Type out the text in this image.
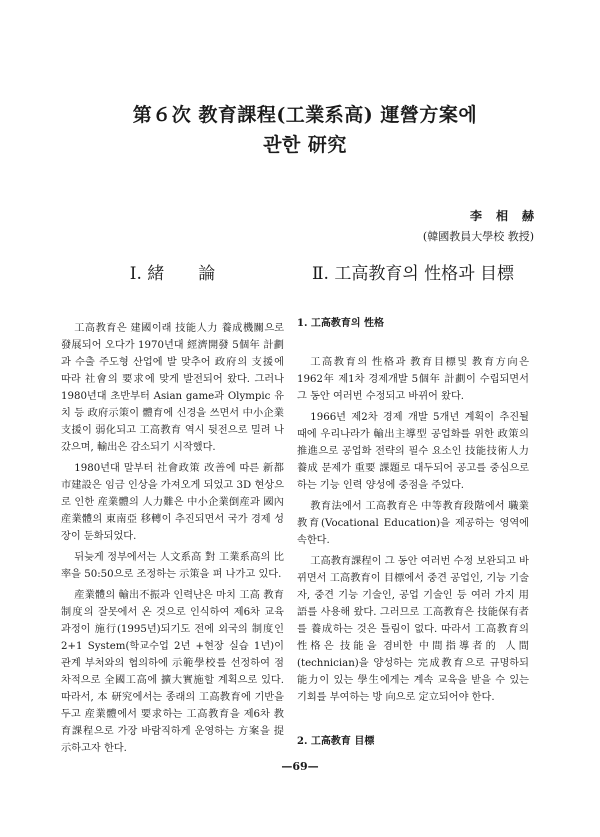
第６次 教育課程(工業系高) 運營方案에
관한 研究
李相赫
(韓國教員大學校 教授)
Ⅰ. 緒　　論

工高教育은 建國이래 技能人力 養成機關으로 發展되어 오다가 1970년대 經濟開發 5個年 計劃과 수출 주도형 산업에 발 맞추어 政府의 支援에 따라 社會의 要求에 맞게 발전되어 왔다. 그러나 1980년대 초반부터 Asian game과 Olympic 유치 등 政府示策이 體育에 신경을 쓰면서 中小企業 支援이 弱化되고 工高教育 역시 뒷전으로 밀려 나갔으며, 輸出은 감소되기 시작했다.

1980년대 말부터 社會政策 改善에 따른 新都市建設은 임금 인상을 가져오게 되었고 3D 현상으로 인한 産業體의 人力難은 中小企業倒産과 國內産業體의 東南亞 移轉이 추진되면서 국가 경제 성장이 둔화되었다.

뒤늦게 정부에서는 人文系高 對 工業系高의 比率을 50:50으로 조정하는 示策을 펴 나가고 있다.

産業體의 輸出不振과 인력난은 마치 工高 教育 制度의 잘못에서 온 것으로 인식하여 제6차 교육과정이 施行(1995년)되기도 전에 외국의 制度인 2+1 System(학교수업 2년 +현장 실습 1년)이 관계 부처와의 협의하에 示範學校를 선정하여 점차적으로 全國工高에 擴大實施할 계획으로 있다. 따라서, 本 研究에서는 종래의 工高教育에 기반을 두고 産業體에서 要求하는 工高教育을 제6차 教育課程으로 가장 바람직하게 운영하는 方案을 提示하고자 한다.

Ⅱ. 工高教育의 性格과 目標
1. 工高教育의 性格

工高教育의 性格과 教育目標및 教育方向은 1962年 제1차 경제개발 5個年 計劃이 수립되면서 그 동안 여러번 수정되고 바뀌어 왔다.

1966년 제2차 경제 개발 5개년 계획이 추진될 때에 우리나라가 輸出主導型 공업화를 위한 政策의 推進으로 공업화 전략의 필수 요소인 技能技術人力 養成 문제가 重要 課題로 대두되어 공고를 중심으로 하는 기능 인력 양성에 중점을 주었다.

教育法에서 工高教育은 中等教育段階에서 職業教育(Vocational Education)을 제공하는 영역에 속한다.

工高教育課程이 그 동안 여러번 수정 보완되고 바뀌면서 工高教育이 目標에서 중견 공업인, 기능 기술자, 중견 기능 기술인, 공업 기술인 등 여러 가지 用語를 사용해 왔다. 그러므로 工高教育은 技能保有者를 養成하는 것은 틀림이 없다. 따라서 工高教育의 性格은 技能을 겸비한 中間指導者的 人間(technician)을 양성하는 完成教育으로 규명하되 能力이 있는 學生에게는 계속 교육을 받을 수 있는 기회를 부여하는 방 向으로 定立되어야 한다.

2. 工高教育 目標
—69—
